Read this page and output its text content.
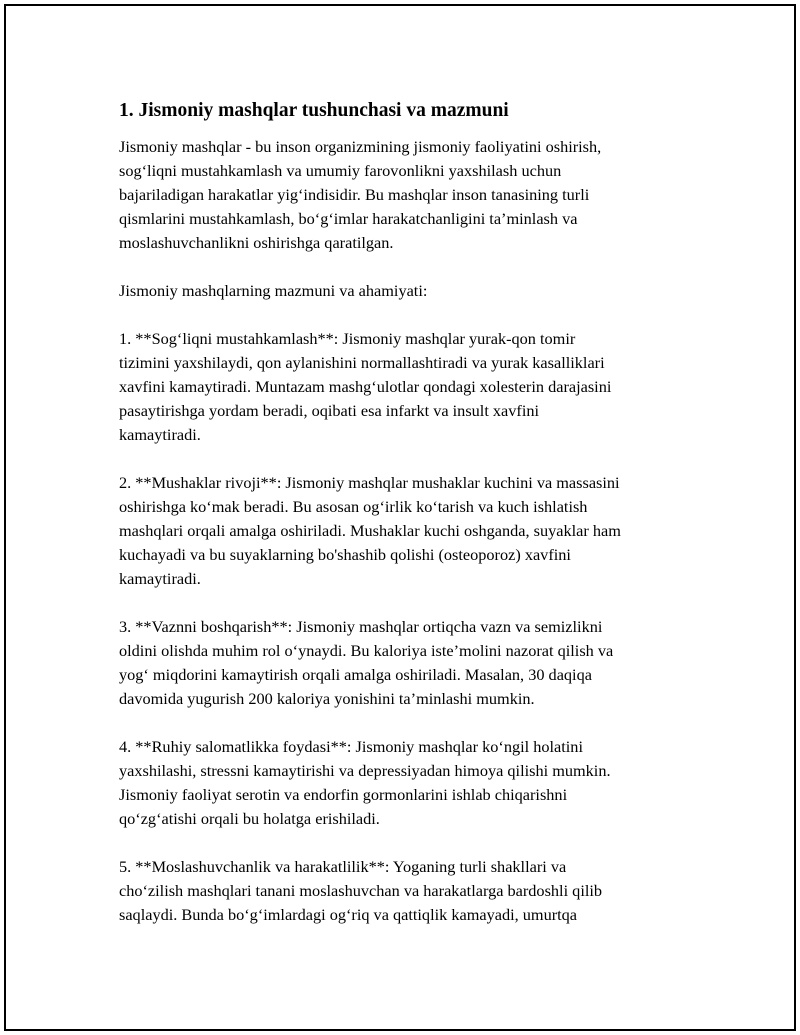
1. Jismoniy mashqlar tushunchasi va mazmuni
Jismoniy mashqlar - bu inson organizmining jismoniy faoliyatini oshirish,
sog‘liqni mustahkamlash va umumiy farovonlikni yaxshilash uchun
bajariladigan harakatlar yig‘indisidir. Bu mashqlar inson tanasining turli
qismlarini mustahkamlash, bo‘g‘imlar harakatchanligini ta’minlash va
moslashuvchanlikni oshirishga qaratilgan.
Jismoniy mashqlarning mazmuni va ahamiyati:
1. **Sog‘liqni mustahkamlash**: Jismoniy mashqlar yurak-qon tomir
tizimini yaxshilaydi, qon aylanishini normallashtiradi va yurak kasalliklari
xavfini kamaytiradi. Muntazam mashg‘ulotlar qondagi xolesterin darajasini
pasaytirishga yordam beradi, oqibati esa infarkt va insult xavfini
kamaytiradi.
2. **Mushaklar rivoji**: Jismoniy mashqlar mushaklar kuchini va massasini
oshirishga ko‘mak beradi. Bu asosan og‘irlik ko‘tarish va kuch ishlatish
mashqlari orqali amalga oshiriladi. Mushaklar kuchi oshganda, suyaklar ham
kuchayadi va bu suyaklarning bo'shashib qolishi (osteoporoz) xavfini
kamaytiradi.
3. **Vaznni boshqarish**: Jismoniy mashqlar ortiqcha vazn va semizlikni
oldini olishda muhim rol o‘ynaydi. Bu kaloriya iste’molini nazorat qilish va
yog‘ miqdorini kamaytirish orqali amalga oshiriladi. Masalan, 30 daqiqa
davomida yugurish 200 kaloriya yonishini ta’minlashi mumkin.
4. **Ruhiy salomatlikka foydasi**: Jismoniy mashqlar ko‘ngil holatini
yaxshilashi, stressni kamaytirishi va depressiyadan himoya qilishi mumkin.
Jismoniy faoliyat serotin va endorfin gormonlarini ishlab chiqarishni
qo‘zg‘atishi orqali bu holatga erishiladi.
5. **Moslashuvchanlik va harakatlilik**: Yoganing turli shakllari va
cho‘zilish mashqlari tanani moslashuvchan va harakatlarga bardoshli qilib
saqlaydi. Bunda bo‘g‘imlardagi og‘riq va qattiqlik kamayadi, umurtqa
